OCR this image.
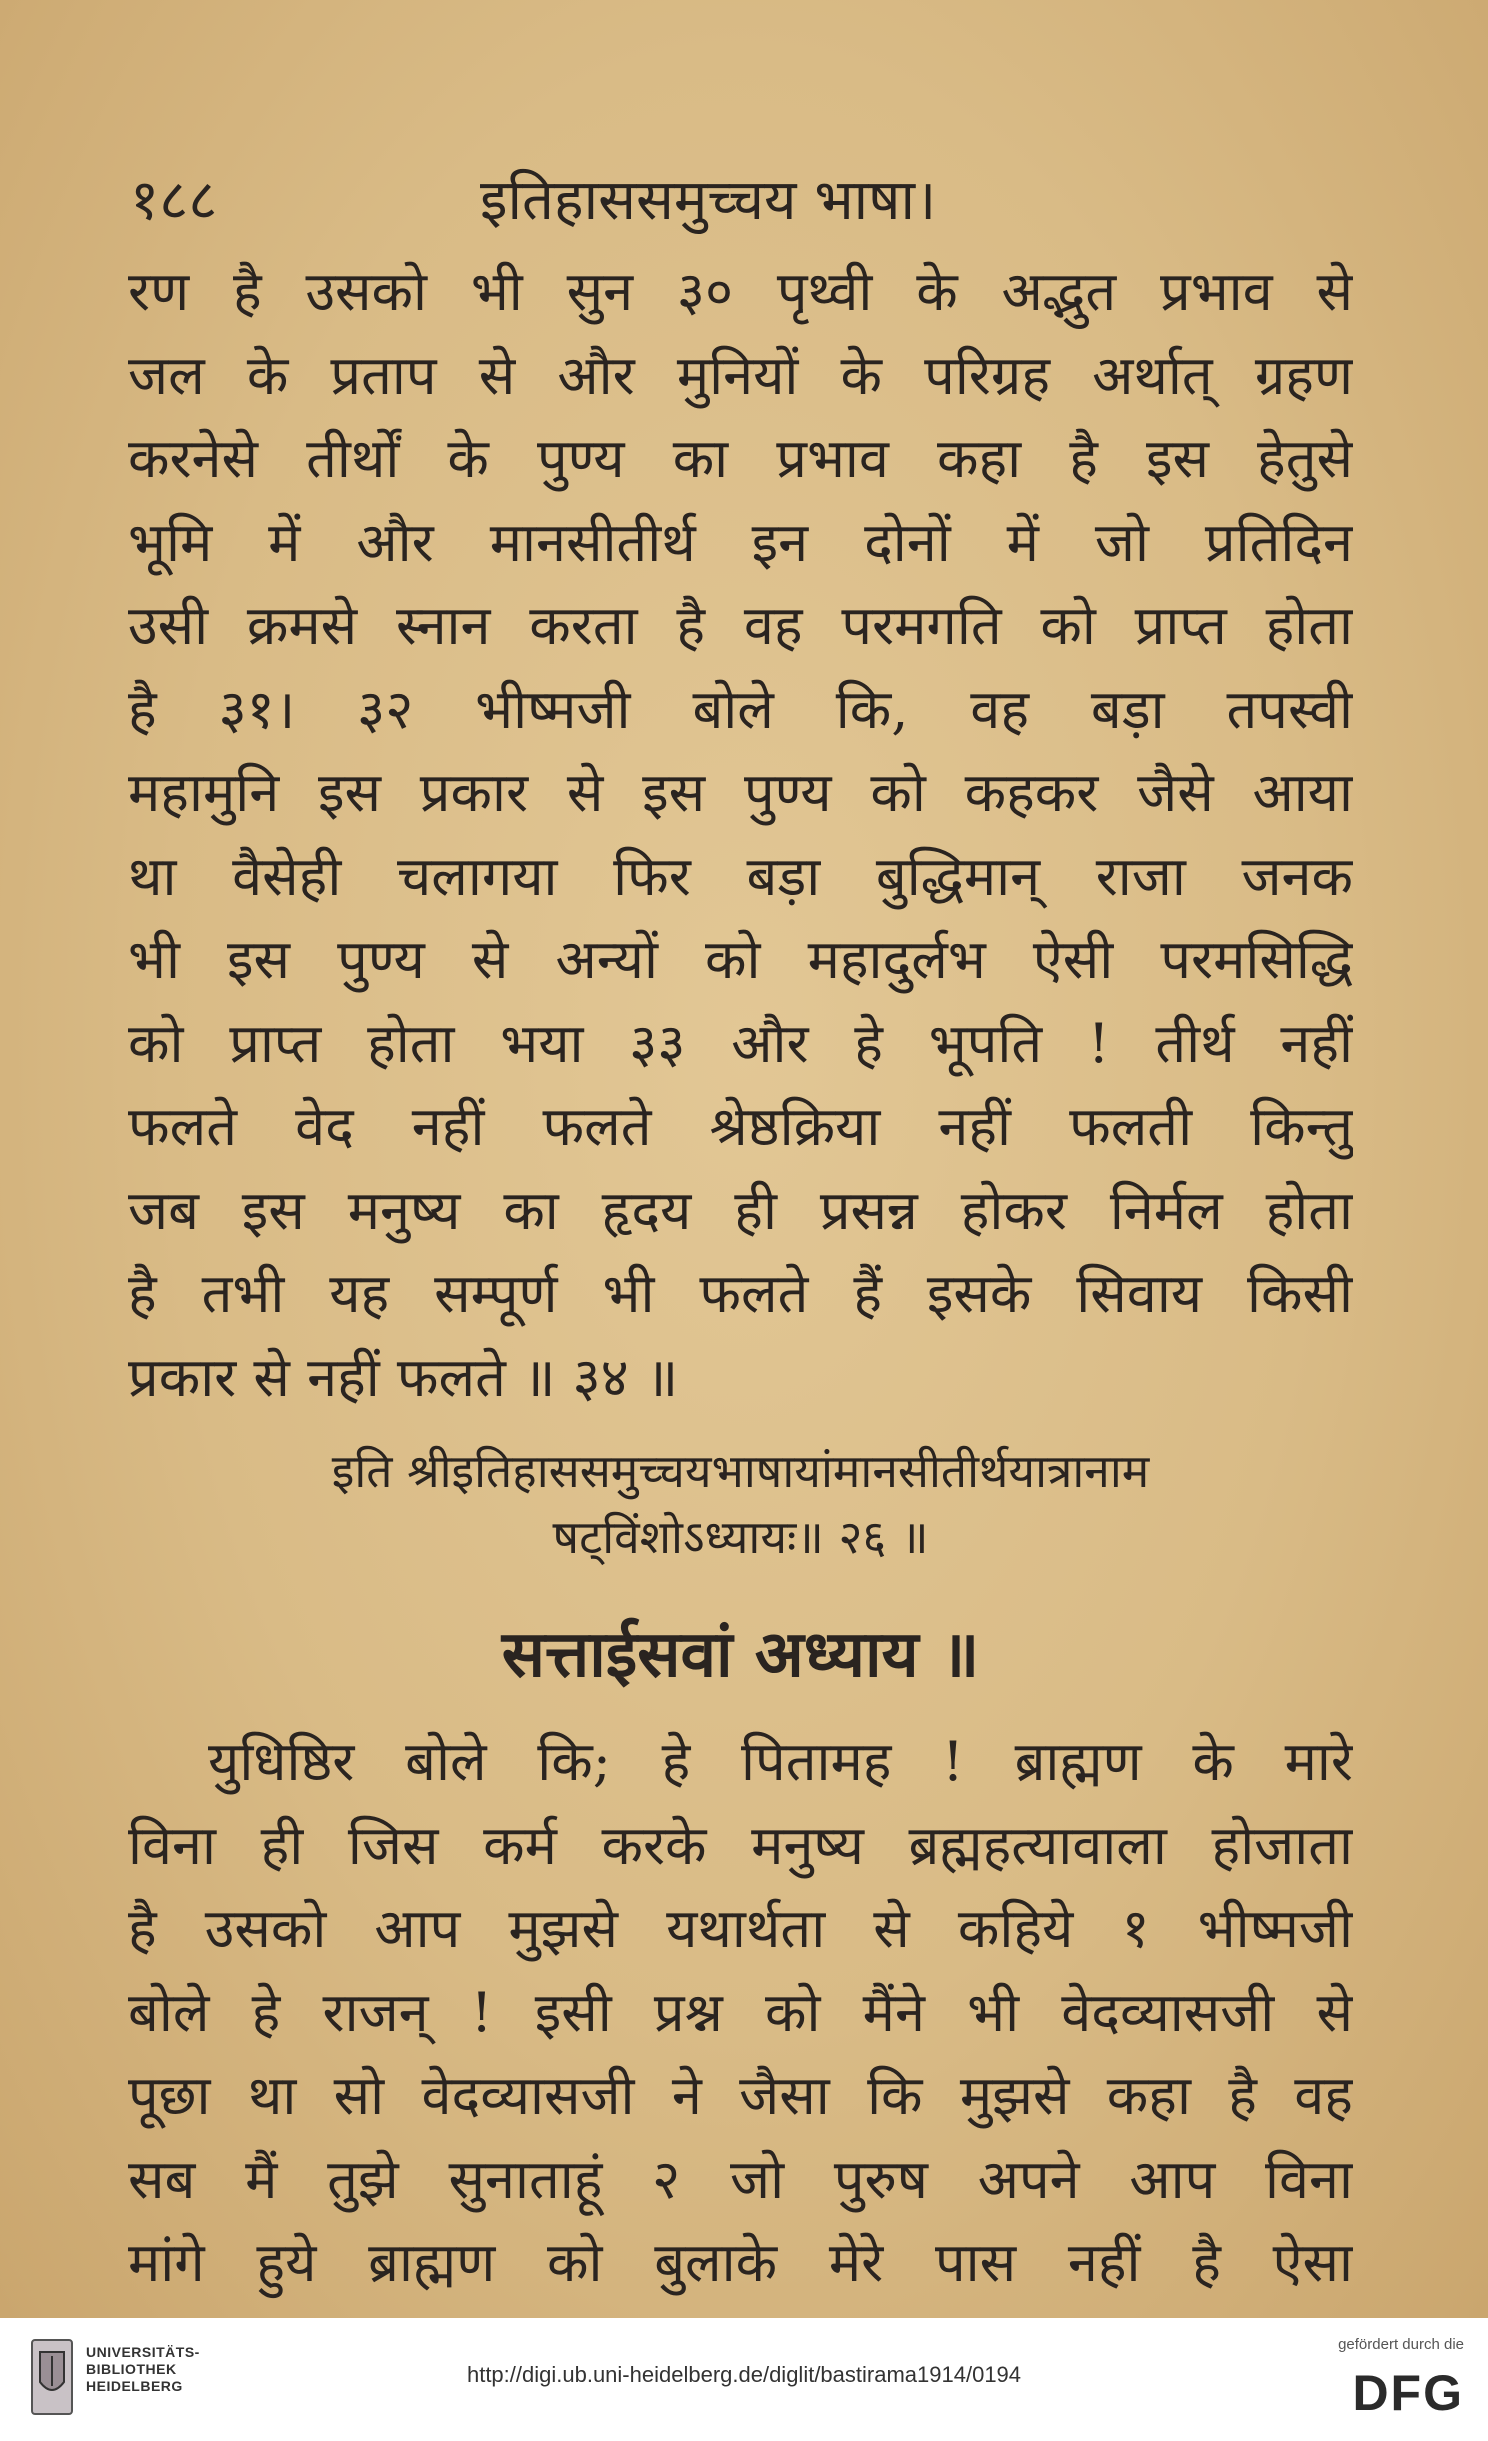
१८८	इतिहाससमुच्चय भाषा।
रण है उसको भी सुन ३० पृथ्वी के अद्भुत प्रभाव से
जल के प्रताप से और मुनियों के परिग्रह अर्थात् ग्रहण
करनेसे तीर्थों के पुण्य का प्रभाव कहा है इस हेतुसे
भूमि में और मानसीतीर्थ इन दोनों में जो प्रतिदिन
उसी क्रमसे स्नान करता है वह परमगति को प्राप्त होता
है ३१। ३२ भीष्मजी बोले कि, वह बड़ा तपस्वी
महामुनि इस प्रकार से इस पुण्य को कहकर जैसे आया
था वैसेही चलागया फिर बड़ा बुद्धिमान् राजा जनक
भी इस पुण्य से अन्यों को महादुर्लभ ऐसी परमसिद्धि
को प्राप्त होता भया ३३ और हे भूपति ! तीर्थ नहीं
फलते वेद नहीं फलते श्रेष्ठक्रिया नहीं फलती किन्तु
जब इस मनुष्य का हृदय ही प्रसन्न होकर निर्मल होता
है तभी यह सम्पूर्ण भी फलते हैं इसके सिवाय किसी
प्रकार से नहीं फलते ॥ ३४ ॥
इति श्रीइतिहाससमुच्चयभाषायांमानसीतीर्थयात्रानाम
षट्विंशोऽध्यायः॥ २६ ॥
सत्ताईसवां अध्याय ॥
युधिष्ठिर बोले कि; हे पितामह ! ब्राह्मण के मारे
विना ही जिस कर्म करके मनुष्य ब्रह्महत्यावाला होजाता
है उसको आप मुझसे यथार्थता से कहिये १ भीष्मजी
बोले हे राजन् ! इसी प्रश्न को मैंने भी वेदव्यासजी से
पूछा था सो वेदव्यासजी ने जैसा कि मुझसे कहा है वह
सब मैं तुझे सुनाताहूं २ जो पुरुष अपने आप विना
मांगे हुये ब्राह्मण को बुलाके मेरे पास नहीं है ऐसा
UNIVERSITÄTS-
BIBLIOTHEK
HEIDELBERG	http://digi.ub.uni-heidelberg.de/diglit/bastirama1914/0194
gefördert durch die
DFG
